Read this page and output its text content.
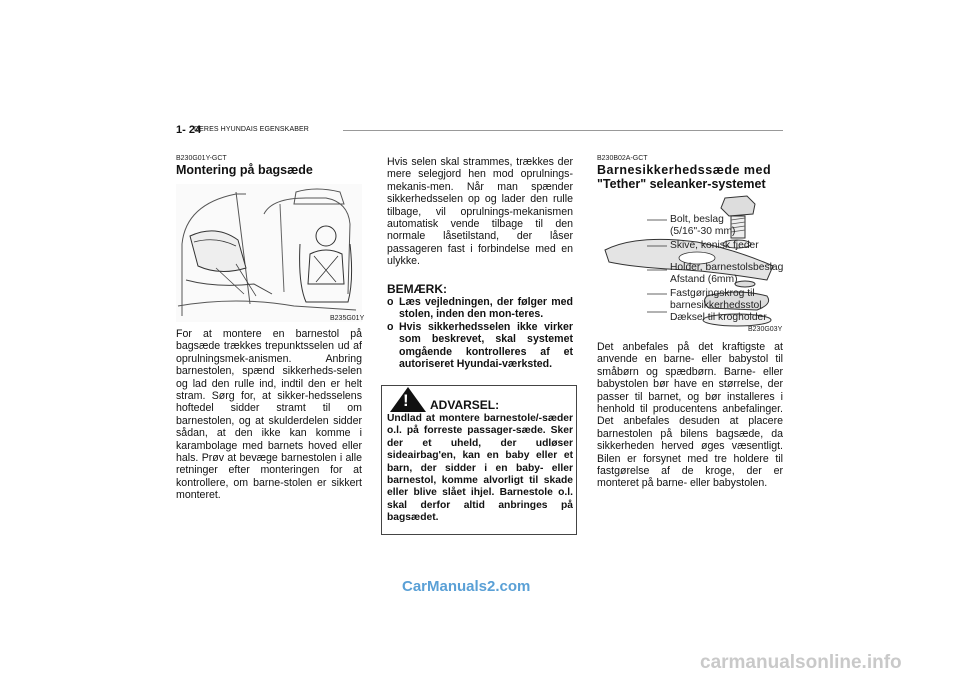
1- 24
DERES HYUNDAIS EGENSKABER
B230G01Y-GCT
Montering på bagsæde
B235G01Y
For at montere en barnestol på bagsæde trækkes trepunktsselen ud af oprulningsmek-anismen. Anbring barnestolen, spænd sikkerheds-selen og lad den rulle ind, indtil den er helt stram. Sørg for, at sikker-hedsselens hoftedel sidder stramt til om barnestolen, og at skulderdelen sidder sådan, at den ikke kan komme i karambolage med barnets hoved eller hals. Prøv at bevæge barnestolen i alle retninger efter monteringen for at kontrollere, om barne-stolen er sikkert monteret.
Hvis selen skal strammes, trækkes der mere selegjord hen mod oprulnings-mekanis-men. Når man spænder sikkerhedsselen op og lader den rulle tilbage, vil oprulnings-mekanismen automatisk vende tilbage til den normale låsetilstand, der låser passageren fast i forbindelse med en ulykke.
BEMÆRK:
o Læs vejledningen, der følger med stolen, inden den mon-teres.
o Hvis sikkerhedsselen ikke virker som beskrevet, skal systemet omgående kontrolleres af et autoriseret Hyundai-værksted.
! ADVARSEL:
Undlad at montere barnestole/-sæder o.l. på forreste passager-sæde. Sker der et uheld, der udløser sideairbag'en, kan en baby eller et barn, der sidder i en baby- eller barnestol, komme alvorligt til skade eller blive slået ihjel. Barnestole o.l. skal derfor altid anbringes på bagsædet.
B230B02A-GCT
Barnesikkerhedssæde med
"Tether" seleanker-systemet
Bolt, beslag
(5/16"-30 mm)
Skive, konisk fjeder
Holder, barnestolsbeslag
Afstand (6mm)
Fastgøringskrog til
barnesikkerhedsstol
Dæksel til krogholder
B230G03Y
Det anbefales på det kraftigste at anvende en barne- eller babystol til småbørn og spædbørn. Barne- eller babystolen bør have en størrelse, der passer til barnet, og bør installeres i henhold til producentens anbefalinger. Det anbefales desuden at placere barnestolen på bilens bagsæde, da sikkerheden herved øges væsentligt. Bilen er forsynet med tre holdere til fastgørelse af de kroge, der er monteret på barne- eller babystolen.
CarManuals2.com
carmanualsonline.info
